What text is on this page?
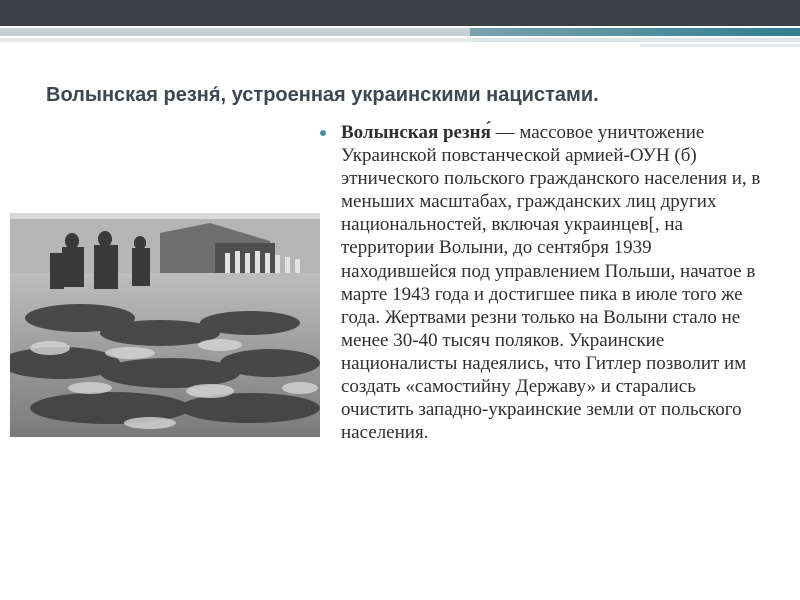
Волынская резня́, устроенная украинскими нацистами.
Волынская резня́ — массовое уничтожение Украинской повстанческой армией-ОУН (б) этнического польского гражданского населения и, в меньших масштабах, гражданских лиц других национальностей, включая украинцев[, на территории Волыни, до сентября 1939 находившейся под управлением Польши, начатое в марте 1943 года и достигшее пика в июле того же года. Жертвами резни только на Волыни стало не менее 30-40 тысяч поляков. Украинские националисты надеялись, что Гитлер позволит им создать «самостийну Державу» и старались очистить западно-украинские земли от польского населения.
